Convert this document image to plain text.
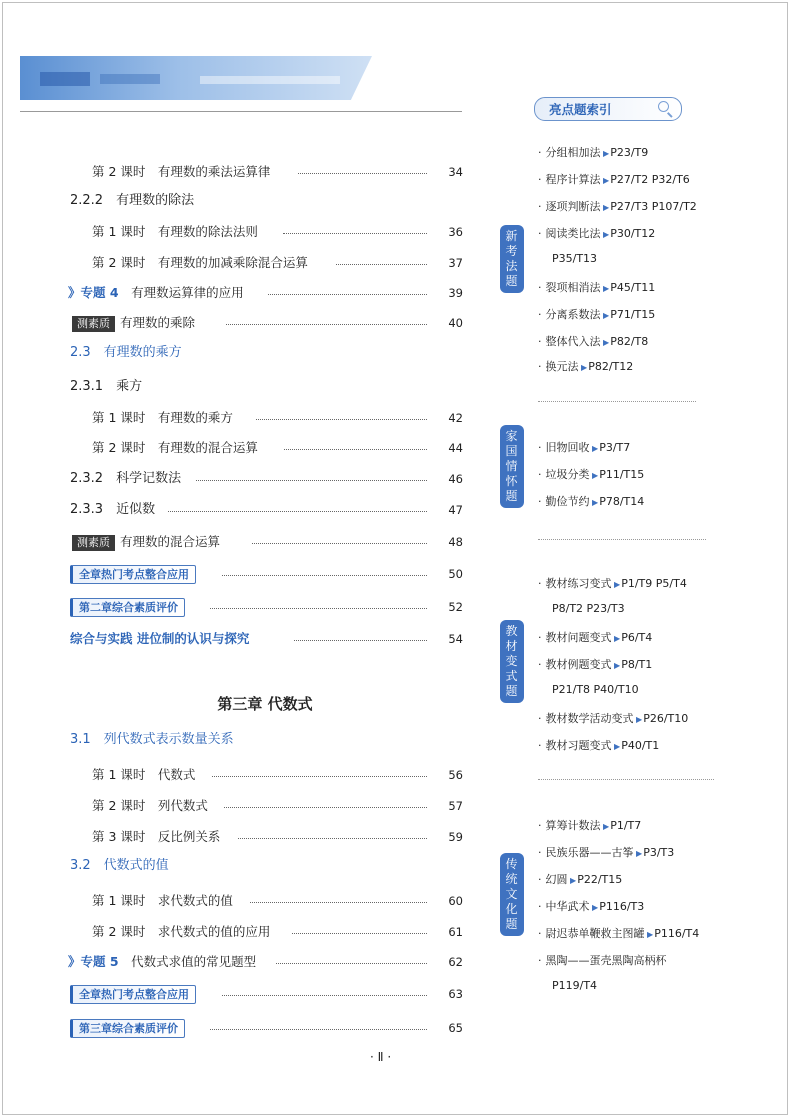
第 2 课时　有理数的乘法运算律	34
2.2.2　有理数的除法
第 1 课时　有理数的除法法则	36
第 2 课时　有理数的加减乘除混合运算	37
》专题 4　 有理数运算律的应用	39
测素质 有理数的乘除	40
2.3　有理数的乘方
2.3.1　乘方
第 1 课时　有理数的乘方	42
第 2 课时　有理数的混合运算	44
2.3.2　科学记数法	46
2.3.3　近似数	47
测素质 有理数的混合运算	48
全章热门考点整合应用	50
第二章综合素质评价	52
综合与实践 进位制的认识与探究	54
第三章 代数式
3.1　列代数式表示数量关系
第 1 课时　代数式	56
第 2 课时　列代数式	57
第 3 课时　反比例关系	59
3.2　代数式的值
第 1 课时　求代数式的值	60
第 2 课时　求代数式的值的应用	61
》专题 5　 代数式求值的常见题型	62
全章热门考点整合应用	63
第三章综合素质评价	65
· Ⅱ ·
亮点题索引
新
考
法
题
· 分组相加法 ▶P23/T9
· 程序计算法 ▶P27/T2 P32/T6
· 逐项判断法 ▶P27/T3 P107/T2
· 阅读类比法 ▶P30/T12
P35/T13
· 裂项相消法 ▶P45/T11
· 分离系数法 ▶P71/T15
· 整体代入法 ▶P82/T8
· 换元法 ▶P82/T12
家
国
情
怀
题
· 旧物回收 ▶P3/T7
· 垃圾分类 ▶P11/T15
· 勤俭节约 ▶P78/T14
教
材
变
式
题
· 教材练习变式 ▶P1/T9 P5/T4
P8/T2 P23/T3
· 教材问题变式 ▶P6/T4
· 教材例题变式 ▶P8/T1
P21/T8 P40/T10
· 教材数学活动变式 ▶P26/T10
· 教材习题变式 ▶P40/T1
传
统
文
化
题
· 算筹计数法 ▶P1/T7
· 民族乐器——古筝 ▶P3/T3
· 幻圆 ▶P22/T15
· 中华武术 ▶P116/T3
· 尉迟恭单鞭救主图罐 ▶P116/T4
· 黑陶——蛋壳黑陶高柄杯
P119/T4
